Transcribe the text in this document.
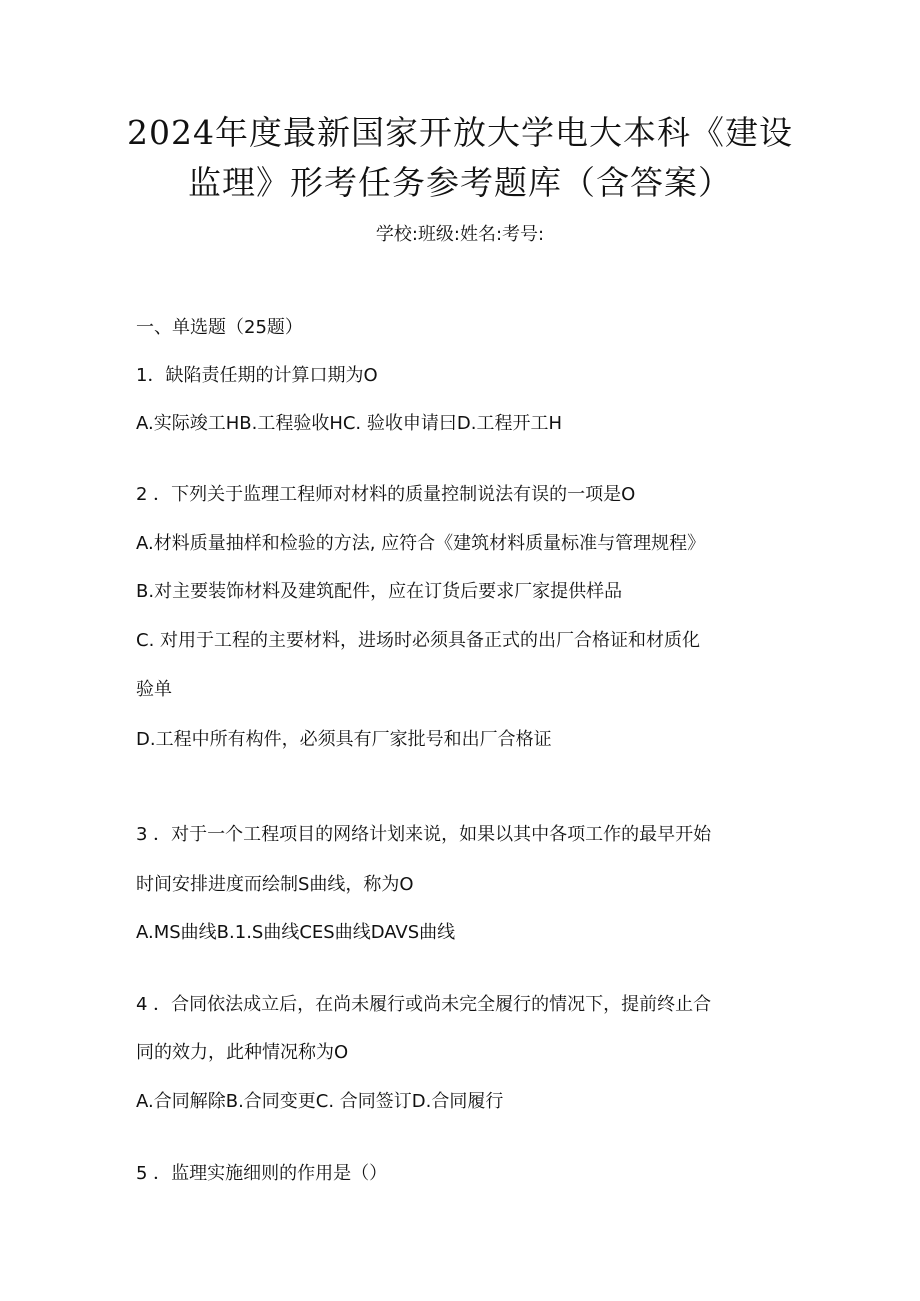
2024年度最新国家开放大学电大本科《建设
监理》形考任务参考题库（含答案）
学校:班级:姓名:考号:
一、单选题（25题）
1．缺陷责任期的计算口期为O
A.实际竣工HB.工程验收HC. 验收申请曰D.工程开工H
2 ．下列关于监理工程师对材料的质量控制说法有误的一项是O
A.材料质量抽样和检验的方法, 应符合《建筑材料质量标准与管理规程》
B.对主要装饰材料及建筑配件，应在订货后要求厂家提供样品
C. 对用于工程的主要材料，进场时必须具备正式的出厂合格证和材质化
验单
D.工程中所有构件，必须具有厂家批号和出厂合格证
3 ．对于一个工程项目的网络计划来说，如果以其中各项工作的最早开始
时间安排进度而绘制S曲线，称为O
A.MS曲线B.1.S曲线CES曲线DAVS曲线
4 ．合同依法成立后，在尚未履行或尚未完全履行的情况下，提前终止合
同的效力，此种情况称为O
A.合同解除B.合同变更C. 合同签订D.合同履行
5 ．监理实施细则的作用是（）
